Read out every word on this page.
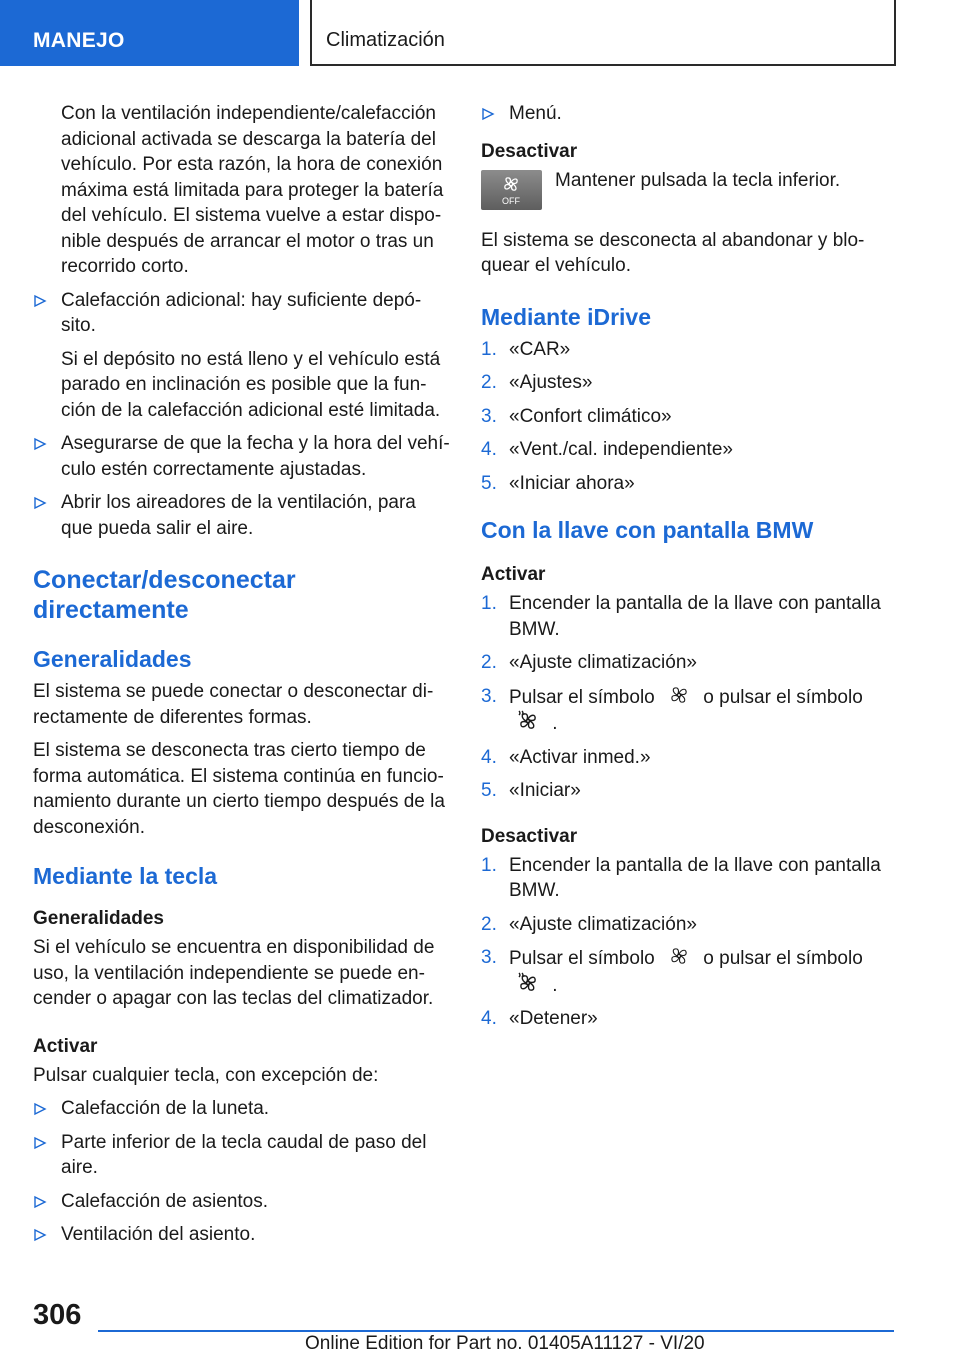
MANEJO	Climatización

Con la ventilación independiente/calefacción adicional activada se descarga la batería del vehículo. Por esta razón, la hora de conexión máxima está limitada para proteger la batería del vehículo. El sistema vuelve a estar dispo‐ nible después de arrancar el motor o tras un recorrido corto.

Calefacción adicional: hay suficiente depó‐ sito.

Si el depósito no está lleno y el vehículo está parado en inclinación es posible que la fun‐ ción de la calefacción adicional esté limitada.

Asegurarse de que la fecha y la hora del vehí‐ culo estén correctamente ajustadas.
Abrir los aireadores de la ventilación, para que pueda salir el aire.
Conectar/desconectar directamente
Generalidades

El sistema se puede conectar o desconectar di‐ rectamente de diferentes formas.

El sistema se desconecta tras cierto tiempo de forma automática. El sistema continúa en funcio‐ namiento durante un cierto tiempo después de la desconexión.

Mediante la tecla
Generalidades

Si el vehículo se encuentra en disponibilidad de uso, la ventilación independiente se puede en‐ cender o apagar con las teclas del climatizador.

Activar

Pulsar cualquier tecla, con excepción de:

Calefacción de la luneta.
Parte inferior de la tecla caudal de paso del aire.
Calefacción de asientos.
Ventilación del asiento.
Menú.
Desactivar
OFF
Mantener pulsada la tecla inferior.

El sistema se desconecta al abandonar y blo‐ quear el vehículo.

Mediante iDrive
1. «CAR»
2. «Ajustes»
3. «Confort climático»
4. «Vent./cal. independiente»
5. «Iniciar ahora»
Con la llave con pantalla BMW
Activar
1. Encender la pantalla de la llave con pantalla BMW.
2. «Ajuste climatización»
3. Pulsar el símbolo	o pulsar el símbolo  .
4. «Activar inmed.»
5. «Iniciar»
Desactivar
1. Encender la pantalla de la llave con pantalla BMW.
2. «Ajuste climatización»
3. Pulsar el símbolo	o pulsar el símbolo  .
4. «Detener»
306
Online Edition for Part no. 01405A11127 - VI/20
